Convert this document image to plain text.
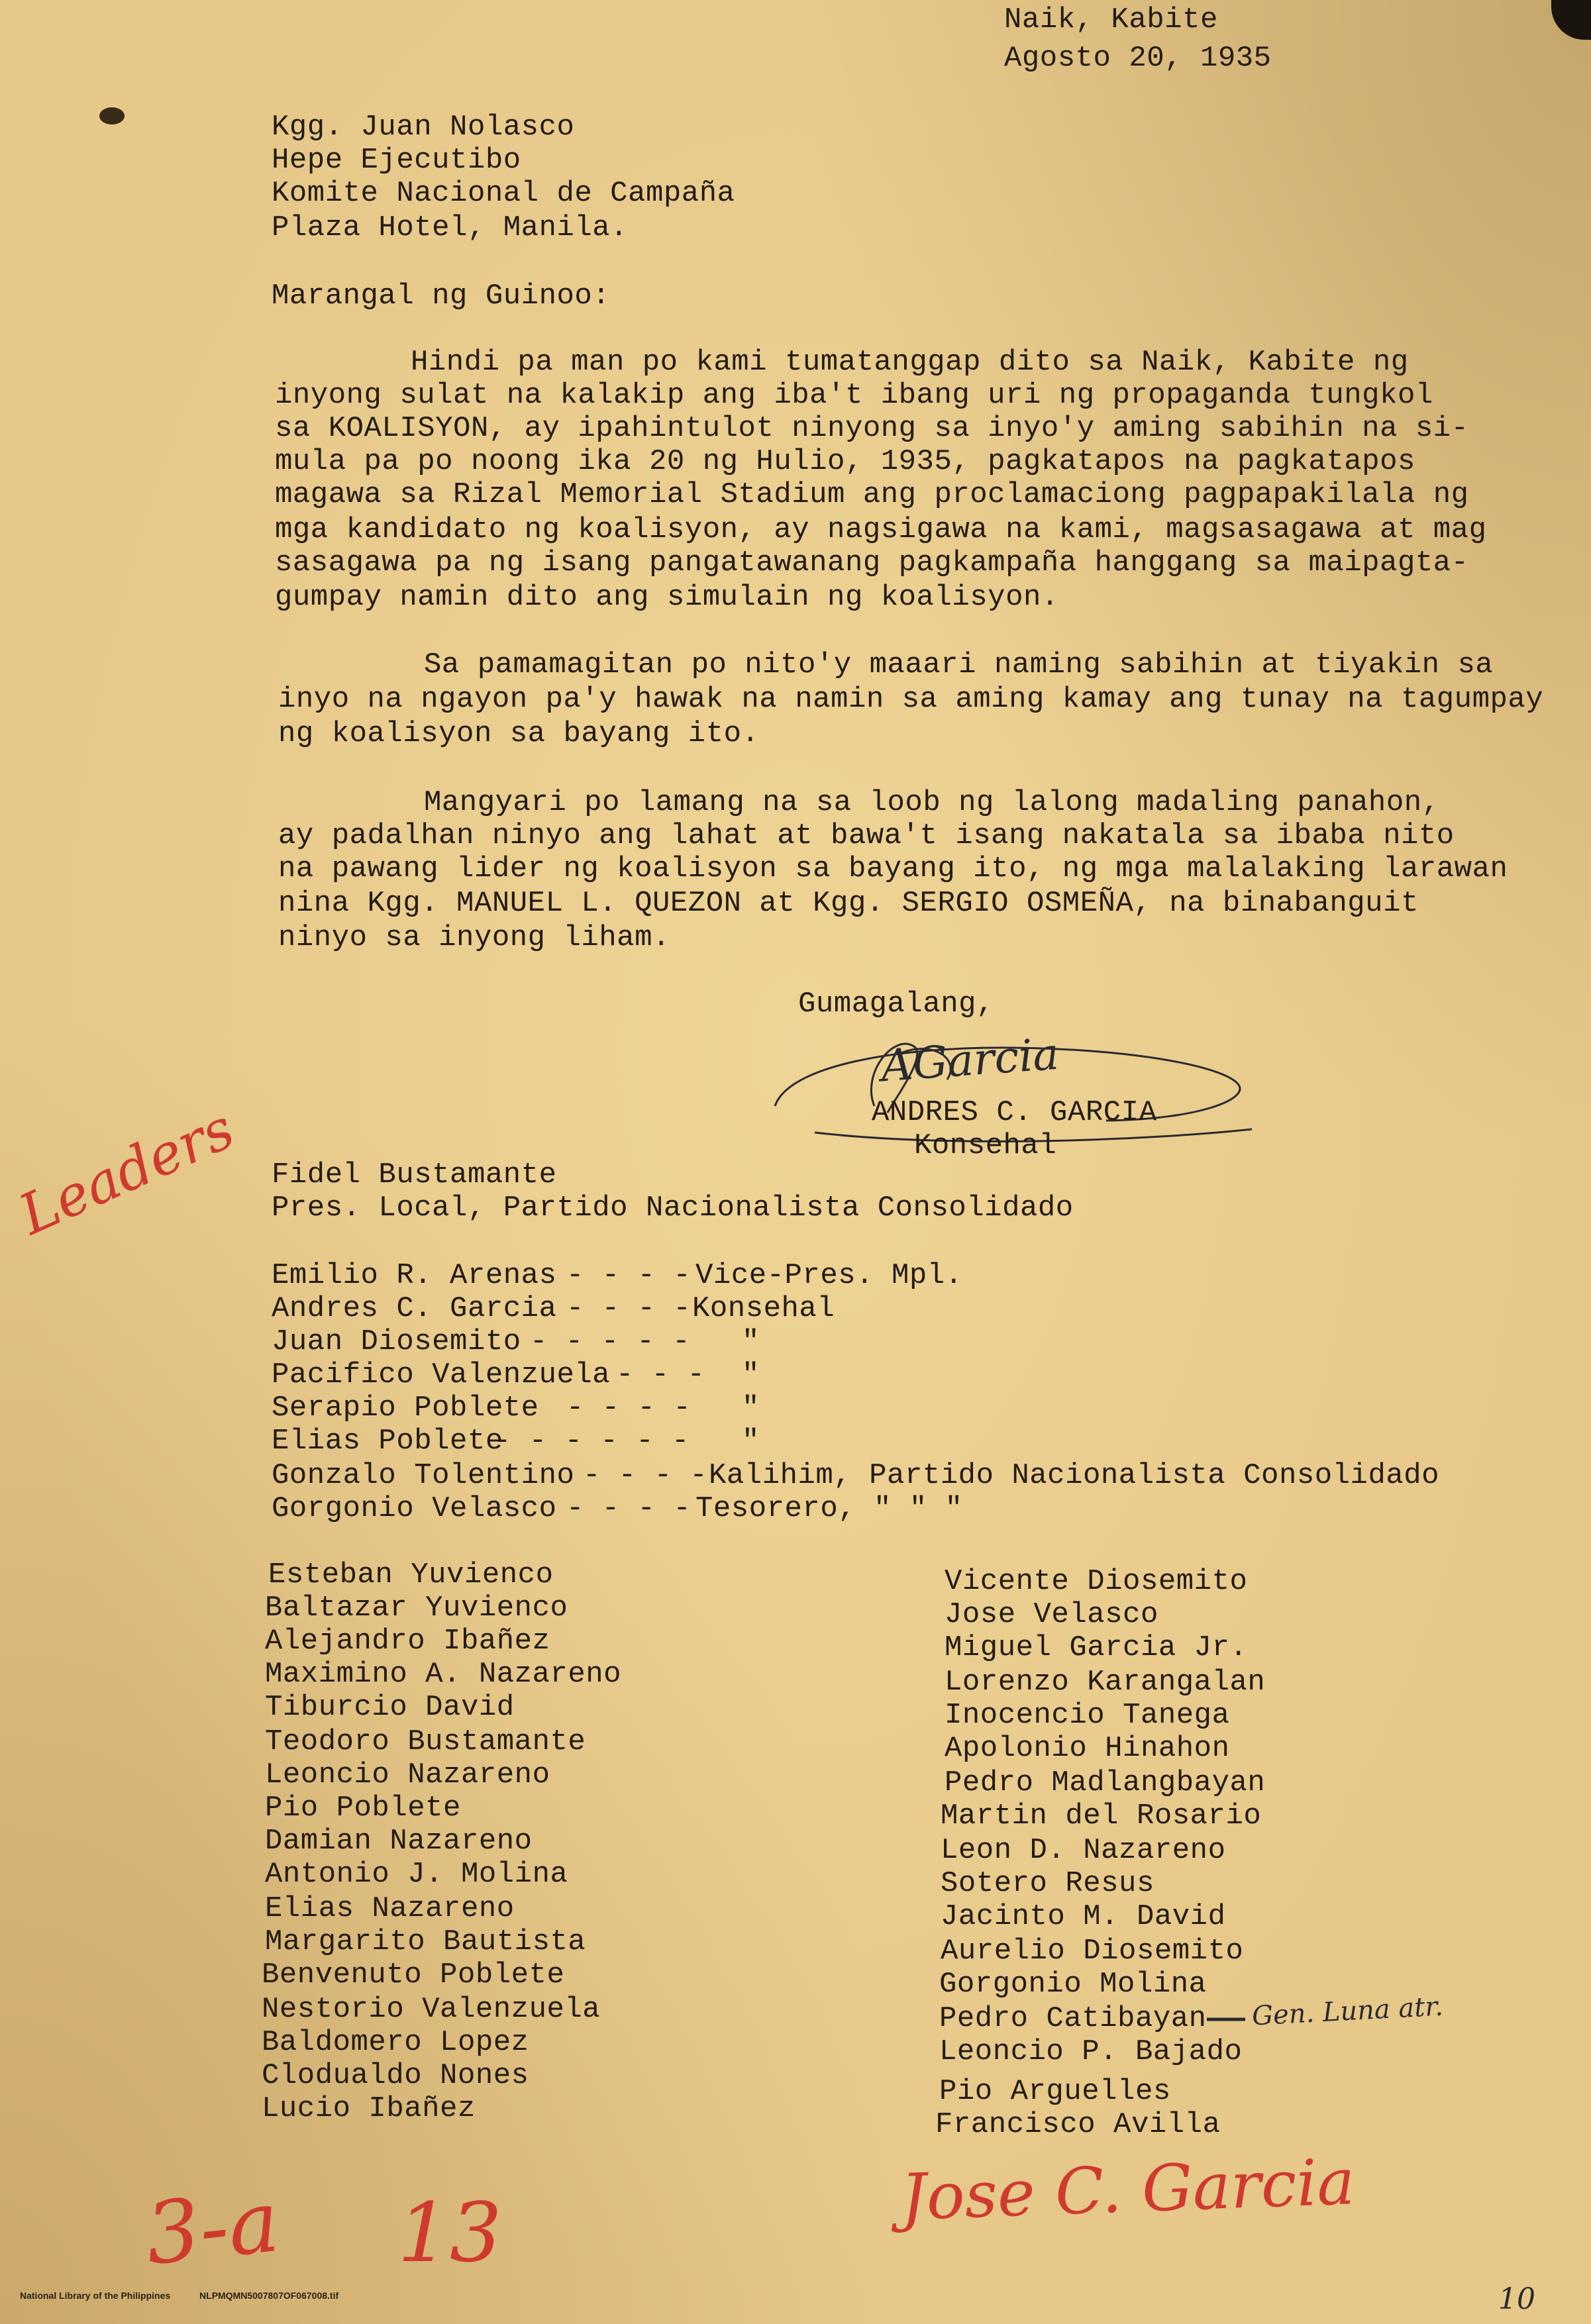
Naik, Kabite
Agosto 20, 1935
Kgg. Juan Nolasco
Hepe Ejecutibo
Komite Nacional de Campaña
Plaza Hotel, Manila.
Marangal ng Guinoo:
Hindi pa man po kami tumatanggap dito sa Naik, Kabite ng
inyong sulat na kalakip ang iba't ibang uri ng propaganda tungkol
sa KOALISYON, ay ipahintulot ninyong sa inyo'y aming sabihin na si-
mula pa po noong ika 20 ng Hulio, 1935, pagkatapos na pagkatapos
magawa sa Rizal Memorial Stadium ang proclamaciong pagpapakilala ng
mga kandidato ng koalisyon, ay nagsigawa na kami, magsasagawa at mag
sasagawa pa ng isang pangatawanang pagkampaña hanggang sa maipagta-
gumpay namin dito ang simulain ng koalisyon.
Sa pamamagitan po nito'y maaari naming sabihin at tiyakin sa
inyo na ngayon pa'y hawak na namin sa aming kamay ang tunay na tagumpay
ng koalisyon sa bayang ito.
Mangyari po lamang na sa loob ng lalong madaling panahon,
ay padalhan ninyo ang lahat at bawa't isang nakatala sa ibaba nito
na pawang lider ng koalisyon sa bayang ito, ng mga malalaking larawan
nina Kgg. MANUEL L. QUEZON at Kgg. SERGIO OSMEÑA, na binabanguit
ninyo sa inyong liham.
Gumagalang,
AGarcia
ANDRES C. GARCIA
Konsehal
Leaders Fidel Bustamante
Pres. Local, Partido Nacionalista Consolidado
Emilio R. Arenas - - - - Vice-Pres. Mpl.
Andres C. Garcia - - - - Konsehal
Juan Diosemito - - - - - "
Pacifico Valenzuela - - - "
Serapio Poblete - - - - "
Elias Poblete
- - - - - - "
Gonzalo Tolentino - - - - Kalihim, Partido Nacionalista Consolidado
Gorgonio Velasco - - - - Tesorero, " " "
Esteban Yuvienco
Baltazar Yuvienco
Alejandro Ibañez
Maximino A. Nazareno
Tiburcio David
Teodoro Bustamante
Leoncio Nazareno
Pio Poblete
Damian Nazareno
Antonio J. Molina
Elias Nazareno
Margarito Bautista
Benvenuto Poblete
Nestorio Valenzuela
Baldomero Lopez
Clodualdo Nones
Lucio Ibañez
Vicente Diosemito
Jose Velasco
Miguel Garcia Jr.
Lorenzo Karangalan
Inocencio Tanega
Apolonio Hinahon
Pedro Madlangbayan
Martin del Rosario
Leon D. Nazareno
Sotero Resus
Jacinto M. David
Aurelio Diosemito
Gorgonio Molina
Pedro Catibayan
Leoncio P. Bajado
Pio Arguelles
Francisco Avilla
Gen. Luna atr.
3-a 13	Jose C. Garcia
10
National Library of the Philippines	NLPMQMN5007807OF067008.tif
